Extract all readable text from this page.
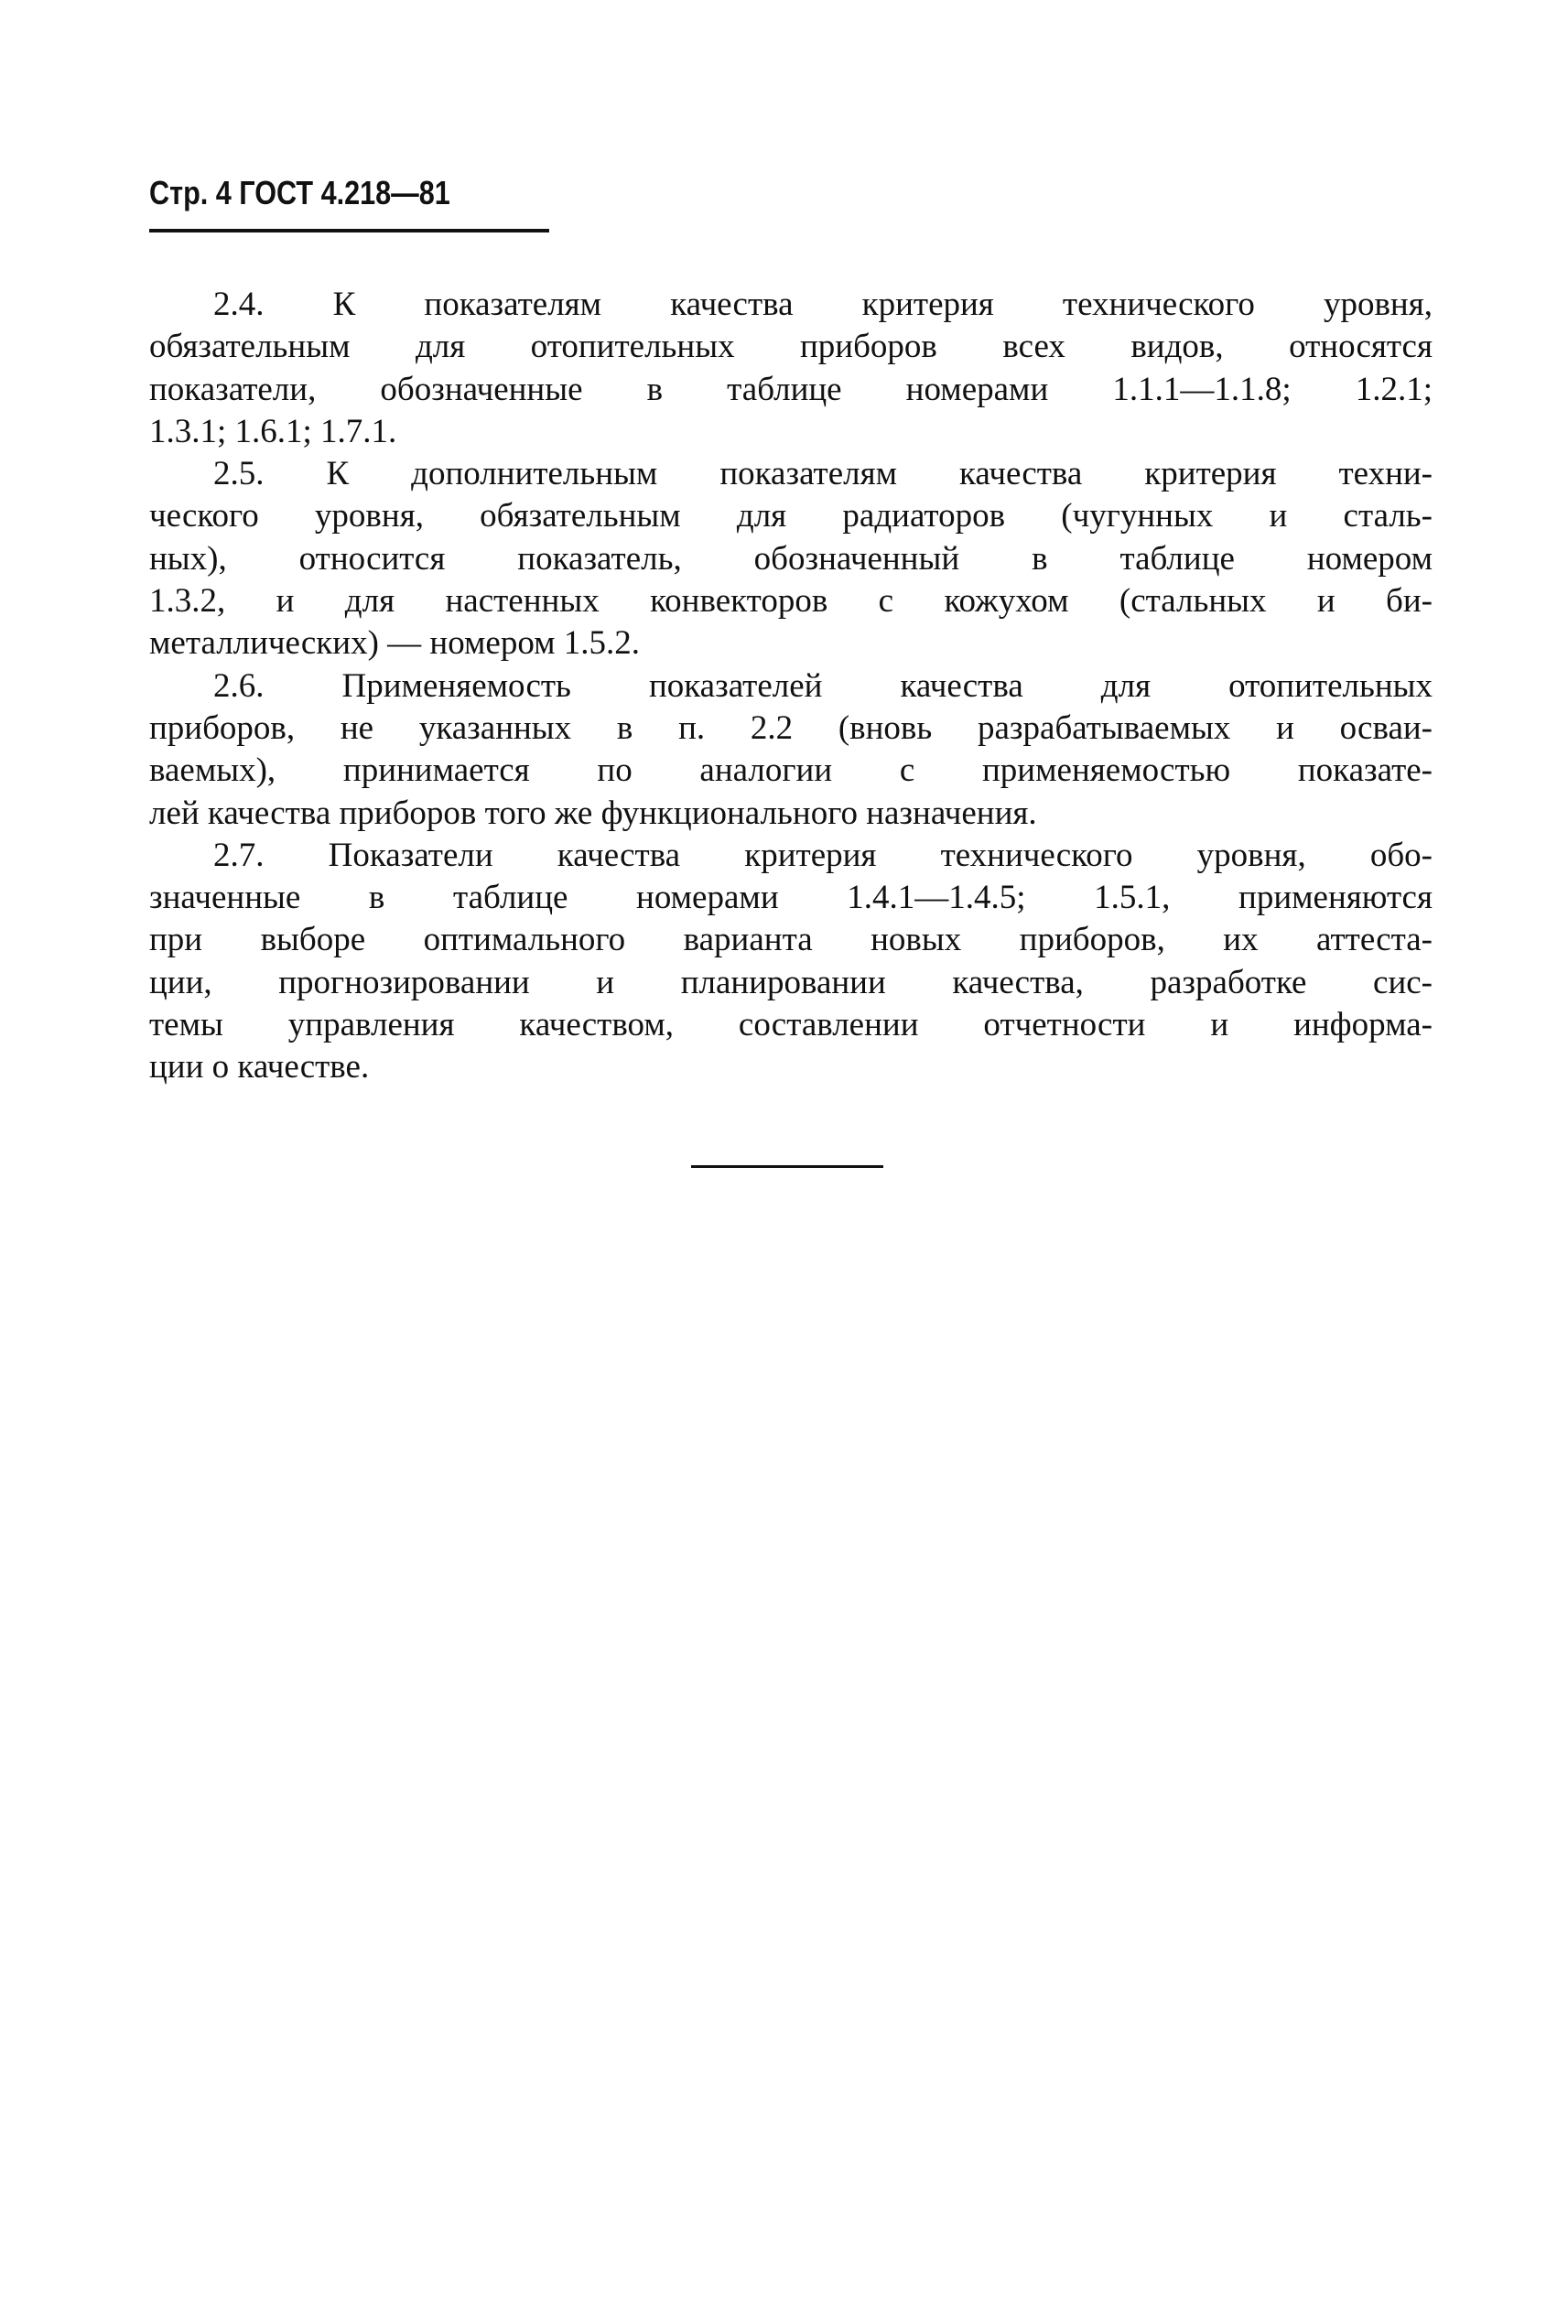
Стр. 4 ГОСТ 4.218—81
2.4. К показателям качества критерия технического уровня,
обязательным для отопительных приборов всех видов, относятся
показатели, обозначенные в таблице номерами 1.1.1—1.1.8; 1.2.1;
1.3.1; 1.6.1; 1.7.1.
2.5. К дополнительным показателям качества критерия техни-
ческого уровня, обязательным для радиаторов (чугунных и сталь-
ных), относится показатель, обозначенный в таблице номером
1.3.2, и для настенных конвекторов с кожухом (стальных и би-
металлических) — номером 1.5.2.
2.6. Применяемость показателей качества для отопительных
приборов, не указанных в п. 2.2 (вновь разрабатываемых и осваи-
ваемых), принимается по аналогии с применяемостью показате-
лей качества приборов того же функционального назначения.
2.7. Показатели качества критерия технического уровня, обо-
значенные в таблице номерами 1.4.1—1.4.5; 1.5.1, применяются
при выборе оптимального варианта новых приборов, их аттеста-
ции, прогнозировании и планировании качества, разработке сис-
темы управления качеством, составлении отчетности и информа-
ции о качестве.
